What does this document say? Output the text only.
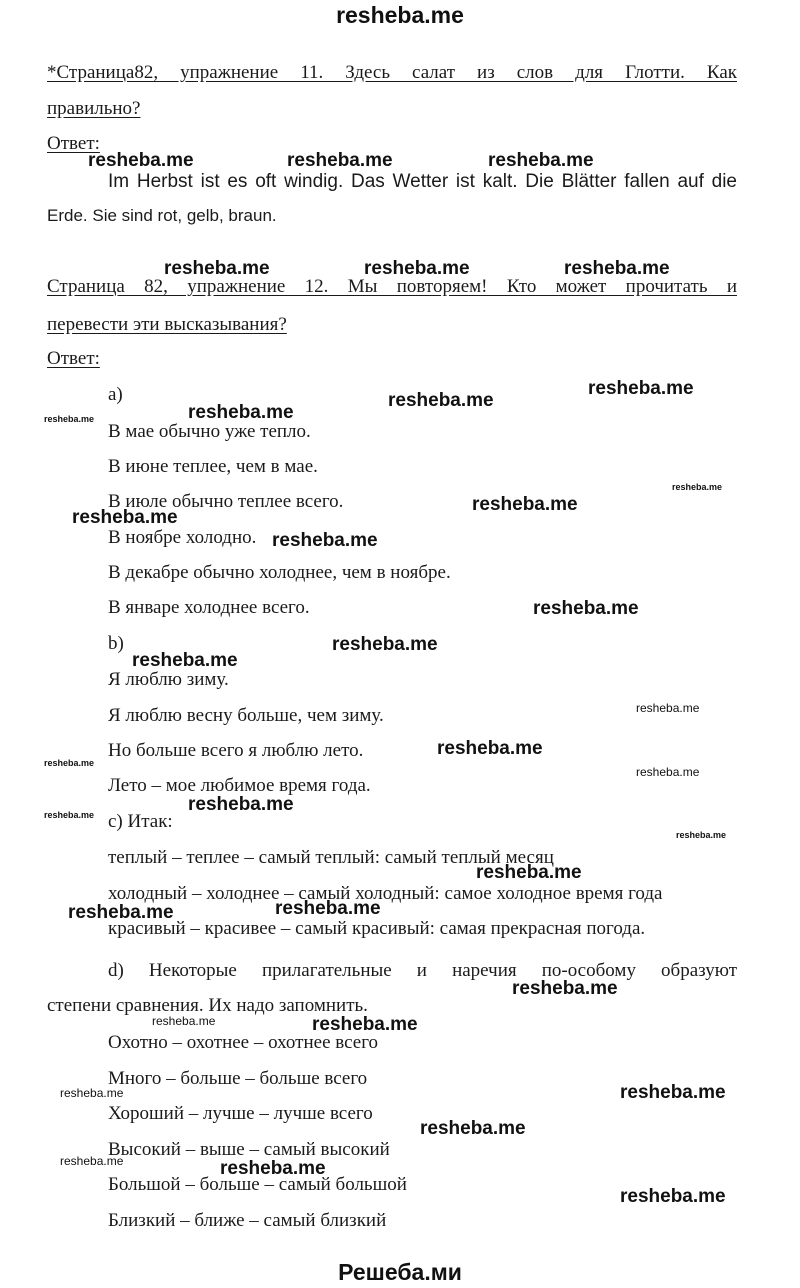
resheba.me
Решеба.ми
*Страница82, упражнение 11. Здесь салат из слов для Глотти. Как
правильно?
Ответ:
Im Herbst ist es oft windig. Das Wetter ist kalt. Die Blätter fallen auf die
Erde. Sie sind rot, gelb, braun.
Страница 82, упражнение 12. Мы повторяем! Кто может прочитать и
перевести эти высказывания?
Ответ:
a)
В мае обычно уже тепло.
В июне теплее, чем в мае.
В июле обычно теплее всего.
В ноябре холодно.
В декабре обычно холоднее, чем в ноябре.
В январе холоднее всего.
b)
Я люблю зиму.
Я люблю весну больше, чем зиму.
Но больше всего я люблю лето.
Лето – мое любимое время года.
c) Итак:
теплый – теплее – самый теплый: самый теплый месяц
холодный – холоднее – самый холодный: самое холодное время года
красивый – красивее – самый красивый: самая прекрасная погода.
d) Некоторые прилагательные и наречия по-особому образуют
степени сравнения. Их надо запомнить.
Охотно – охотнее – охотнее всего
Много – больше – больше всего
Хороший – лучше – лучше всего
Высокий – выше – самый высокий
Большой – больше – самый большой
Близкий – ближе – самый близкий
resheba.me	resheba.me	resheba.me
resheba.me	resheba.me	resheba.me
resheba.me
resheba.me
resheba.me
resheba.me
resheba.me
resheba.me
resheba.me
resheba.me
resheba.me
resheba.me
resheba.me
resheba.me
resheba.me
resheba.me
resheba.me
resheba.me
resheba.me
resheba.me
resheba.me
resheba.me
resheba.me
resheba.me
resheba.me
resheba.me
resheba.me
resheba.me
resheba.me
resheba.me
resheba.me
resheba.me
